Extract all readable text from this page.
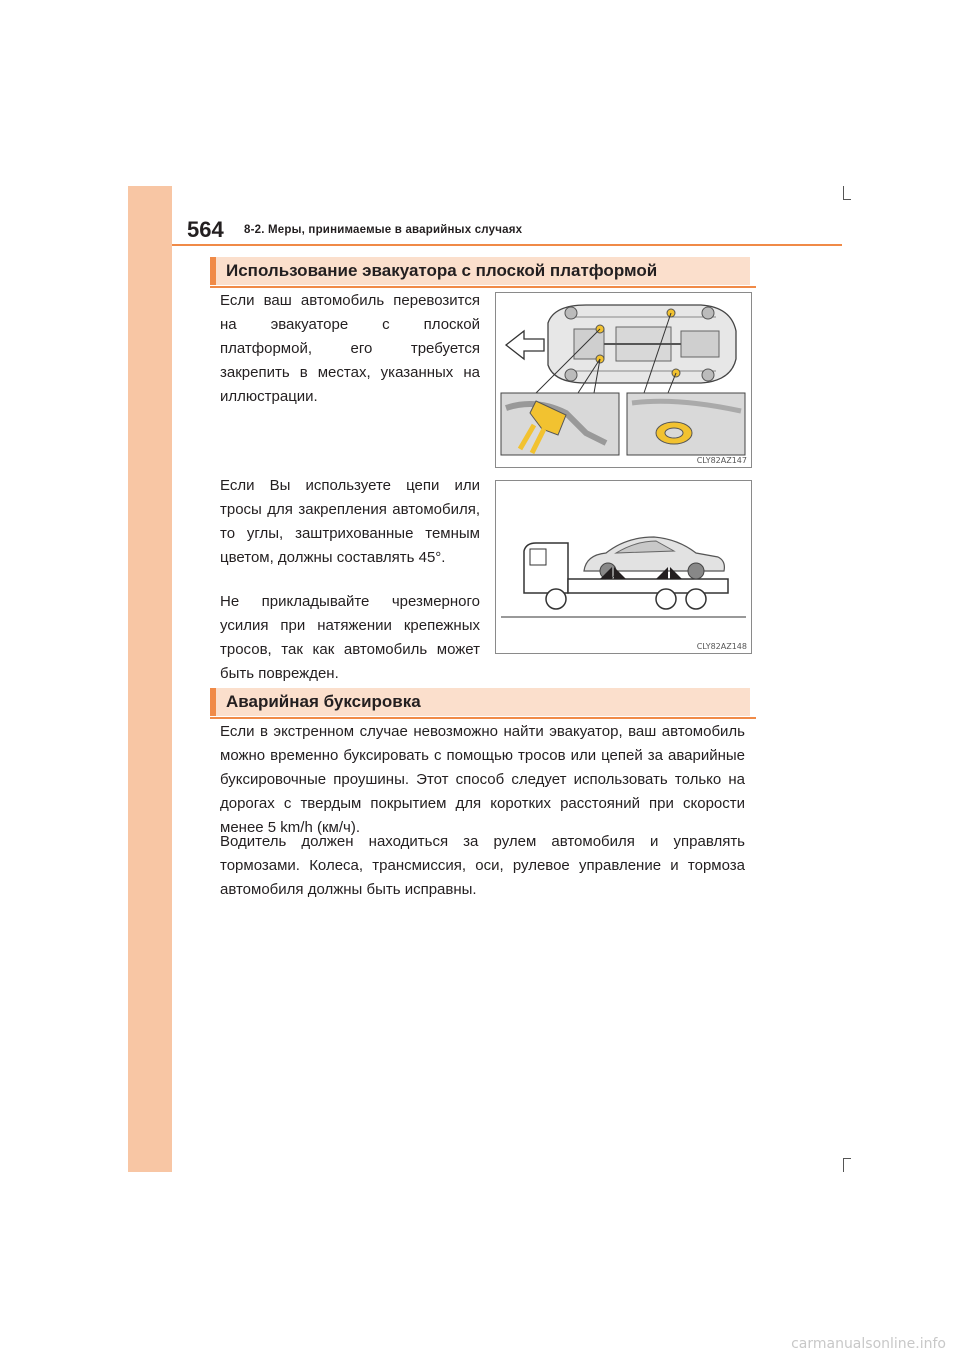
564 8-2. Меры, принимаемые в аварийных случаях
Использование эвакуатора с плоской платформой
Если ваш автомобиль перевозится на эвакуаторе с плоской платформой, его требуется закрепить в местах, указанных на иллюстрации.
Если Вы используете цепи или тросы для закрепления автомобиля, то углы, заштрихованные темным цветом, должны составлять 45°.
Не прикладывайте чрезмерного усилия при натяжении крепежных тросов, так как автомобиль может быть поврежден.
CLY82AZ147
CLY82AZ148
Аварийная буксировка
Если в экстренном случае невозможно найти эвакуатор, ваш автомобиль можно временно буксировать с помощью тросов или цепей за аварийные буксировочные проушины. Этот способ следует использовать только на дорогах с твердым покрытием для коротких расстояний при скорости менее 5 km/h (км/ч).
Водитель должен находиться за рулем автомобиля и управлять тормозами. Колеса, трансмиссия, оси, рулевое управление и тормоза автомобиля должны быть исправны.
carmanualsonline.info
